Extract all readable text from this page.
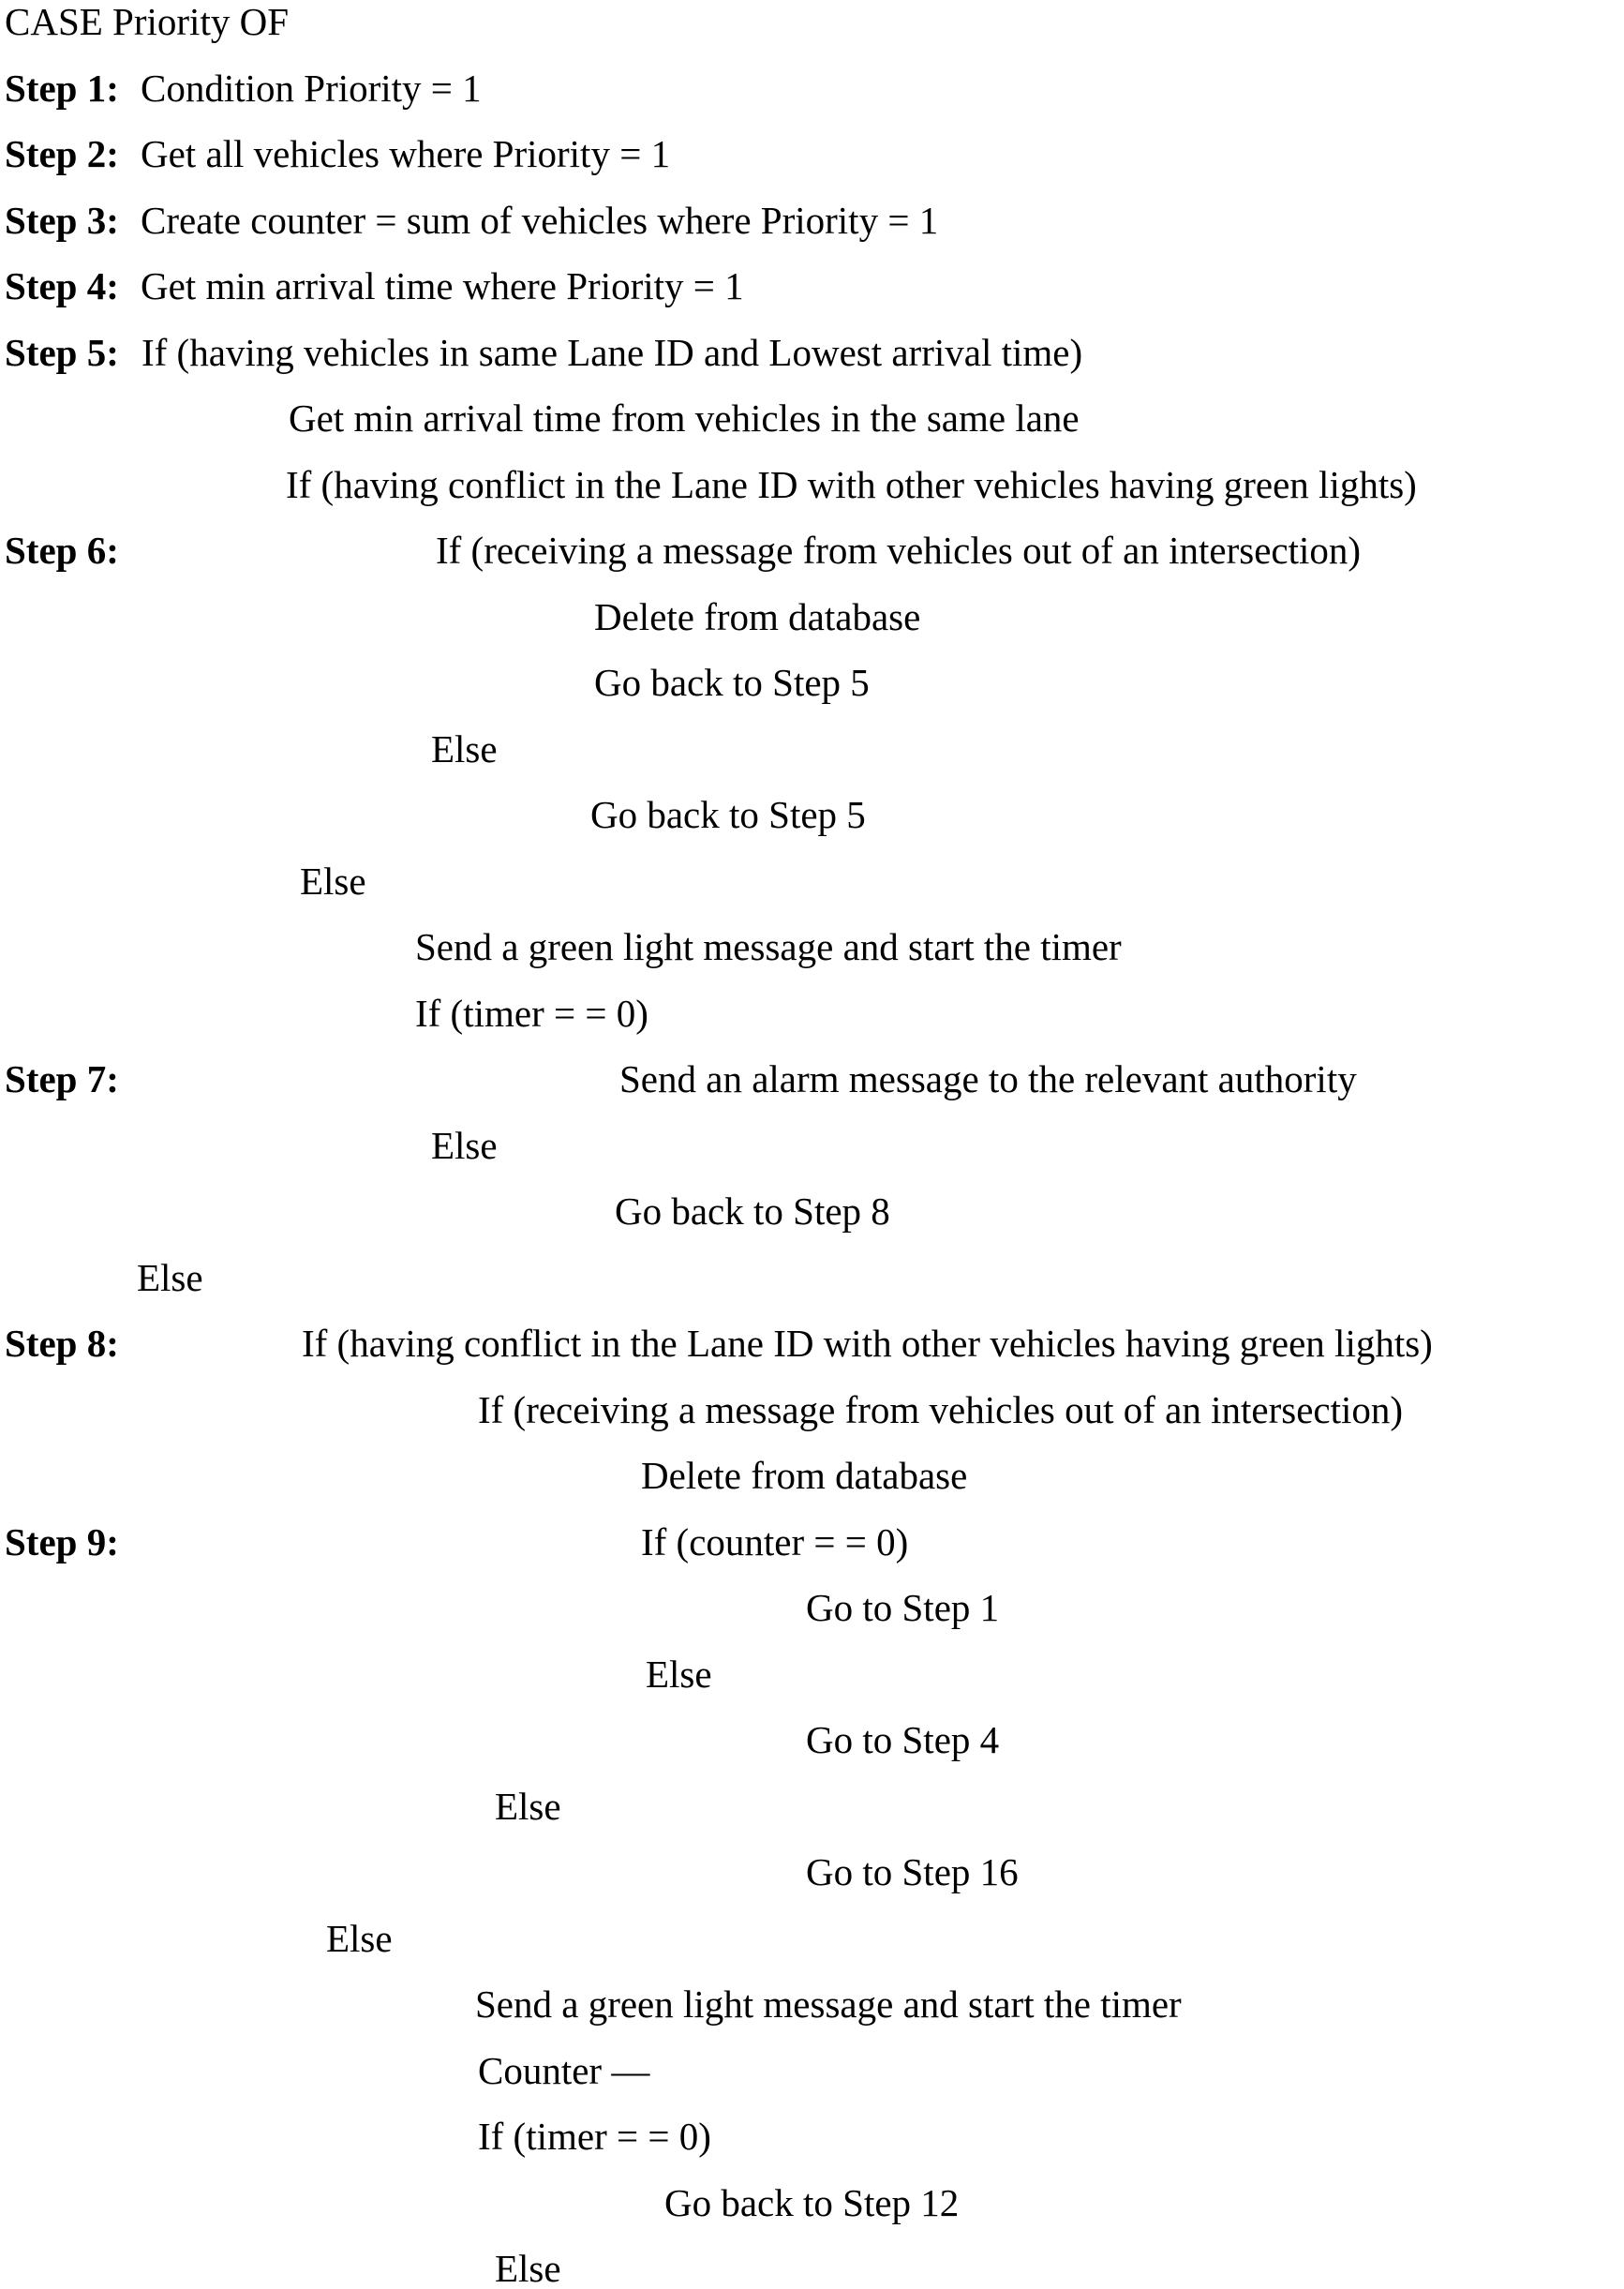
CASE Priority OF
Step 1: Condition Priority = 1
Step 2: Get all vehicles where Priority = 1
Step 3: Create counter = sum of vehicles where Priority = 1
Step 4: Get min arrival time where Priority = 1
Step 5: If (having vehicles in same Lane ID and Lowest arrival time)
Get min arrival time from vehicles in the same lane
If (having conflict in the Lane ID with other vehicles having green lights)
Step 6:	If (receiving a message from vehicles out of an intersection)
Delete from database
Go back to Step 5
Else
Go back to Step 5
Else
Send a green light message and start the timer
If (timer = = 0)
Step 7:	Send an alarm message to the relevant authority
Else
Go back to Step 8
Else
Step 8:	If (having conflict in the Lane ID with other vehicles having green lights)
If (receiving a message from vehicles out of an intersection)
Delete from database
Step 9:	If (counter = = 0)
Go to Step 1
Else
Go to Step 4
Else
Go to Step 16
Else
Send a green light message and start the timer
Counter —
If (timer = = 0)
Go back to Step 12
Else
